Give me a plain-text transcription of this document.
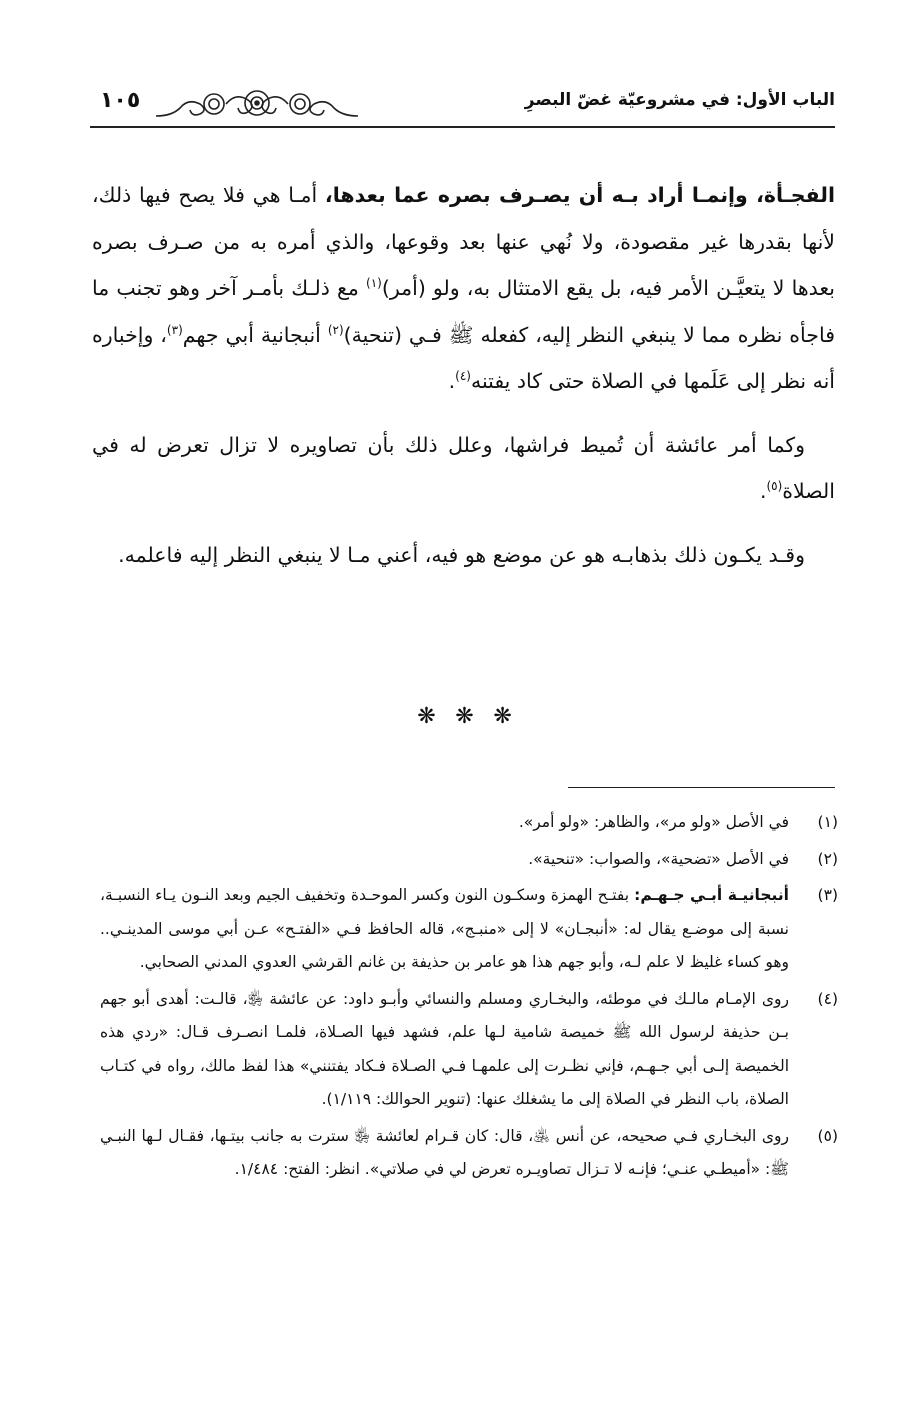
١٠٥	الباب الأول: في مشروعيّة غضّ البصرِ

الفجـأة، وإنمـا أراد بـه أن يصـرف بصره عما بعدها، أمـا هي فلا يصح فيها ذلك، لأنها بقدرها غير مقصودة، ولا نُهي عنها بعد وقوعها، والذي أمره به من صـرف بصره بعدها لا يتعيَّـن الأمر فيه، بل يقع الامتثال به، ولو (أمر)$^{(١)}$ مع ذلـك بأمـر آخر وهو تجنب ما فاجأه نظره مما لا ينبغي النظر إليه، كفعله ﷺ فـي (تنحية)$^{(٢)}$ أنبجانية أبي جهم$^{(٣)}$، وإخباره أنه نظر إلى عَلَمها في الصلاة حتى كاد يفتنه$^{(٤)}$.

وكما أمر عائشة أن تُميط فراشها، وعلل ذلك بأن تصاويره لا تزال تعرض له في الصلاة$^{(٥)}$.

وقـد يكـون ذلك بذهابـه هو عن موضع هو فيه، أعني مـا لا ينبغي النظر إليه فاعلمه.

❋ ❋ ❋
(١)
في الأصل «ولو مر»، والظاهر: «ولو أمر».
(٢)
في الأصل «تضحية»، والصواب: «تنحية».
(٣)
أنبجانيـة أبـي جـهـم: بفتـح الهمزة وسكـون النون وكسر الموحـدة وتخفيف الجيم وبعد النـون يـاء النسبـة، نسبة إلى موضـع يقال له: «أنبجـان» لا إلى «منبـج»، قاله الحافظ فـي «الفتـح» عـن أبي موسى المدينـي.. وهو كساء غليظ لا علم لـه، وأبو جهم هذا هو عامر بن حذيفة بن غانم القرشي العدوي المدني الصحابي.
(٤)
روى الإمـام مالـك في موطئه، والبخـاري ومسلم والنسائي وأبـو داود: عن عائشة ﵂، قالـت: أهدى أبو جهم بـن حذيفة لرسول الله ﷺ خميصة شامية لـها علم، فشهد فيها الصـلاة، فلمـا انصـرف قـال: «ردي هذه الخميصة إلـى أبي جـهـم، فإني نظـرت إلى علمهـا فـي الصـلاة فـكاد يفتنني» هذا لفظ مالك، رواه في كتـاب الصلاة، باب النظر في الصلاة إلى ما يشغلك عنها: (تنوير الحوالك: ١/١١٩).
(٥)
روى البخـاري فـي صحيحه، عن أنس ﵁، قال: كان قـرام لعائشة ﵂ سترت به جانب بيتـها، فقـال لـها النبـي ﷺ: «أميطـي عنـي؛ فإنـه لا تـزال تصاويـره تعرض لي في صلاتي». انظر: الفتح: ١/٤٨٤.
